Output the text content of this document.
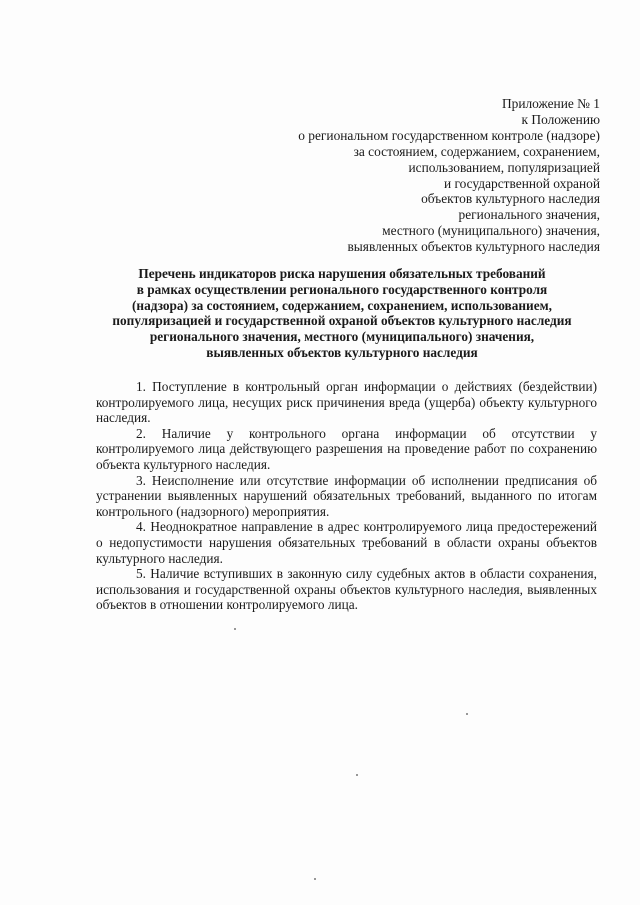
Приложение № 1
к Положению
о региональном государственном контроле (надзоре)
за состоянием, содержанием, сохранением,
использованием, популяризацией
и государственной охраной
объектов культурного наследия
регионального значения,
местного (муниципального) значения,
выявленных объектов культурного наследия
Перечень индикаторов риска нарушения обязательных требований
в рамках осуществлении регионального государственного контроля
(надзора) за состоянием, содержанием, сохранением, использованием,
популяризацией и государственной охраной объектов культурного наследия
регионального значения, местного (муниципального) значения,
выявленных объектов культурного наследия

1. Поступление в контрольный орган информации о действиях (бездействии) контролируемого лица, несущих риск причинения вреда (ущерба) объекту культурного наследия.

2. Наличие у контрольного органа информации об отсутствии у контролируемого лица действующего разрешения на проведение работ по сохранению объекта культурного наследия.

3. Неисполнение или отсутствие информации об исполнении предписания об устранении выявленных нарушений обязательных требований, выданного по итогам контрольного (надзорного) мероприятия.

4. Неоднократное направление в адрес контролируемого лица предостережений о недопустимости нарушения обязательных требований в области охраны объектов культурного наследия.

5. Наличие вступивших в законную силу судебных актов в области сохранения, использования и государственной охраны объектов культурного наследия, выявленных объектов в отношении контролируемого лица.
